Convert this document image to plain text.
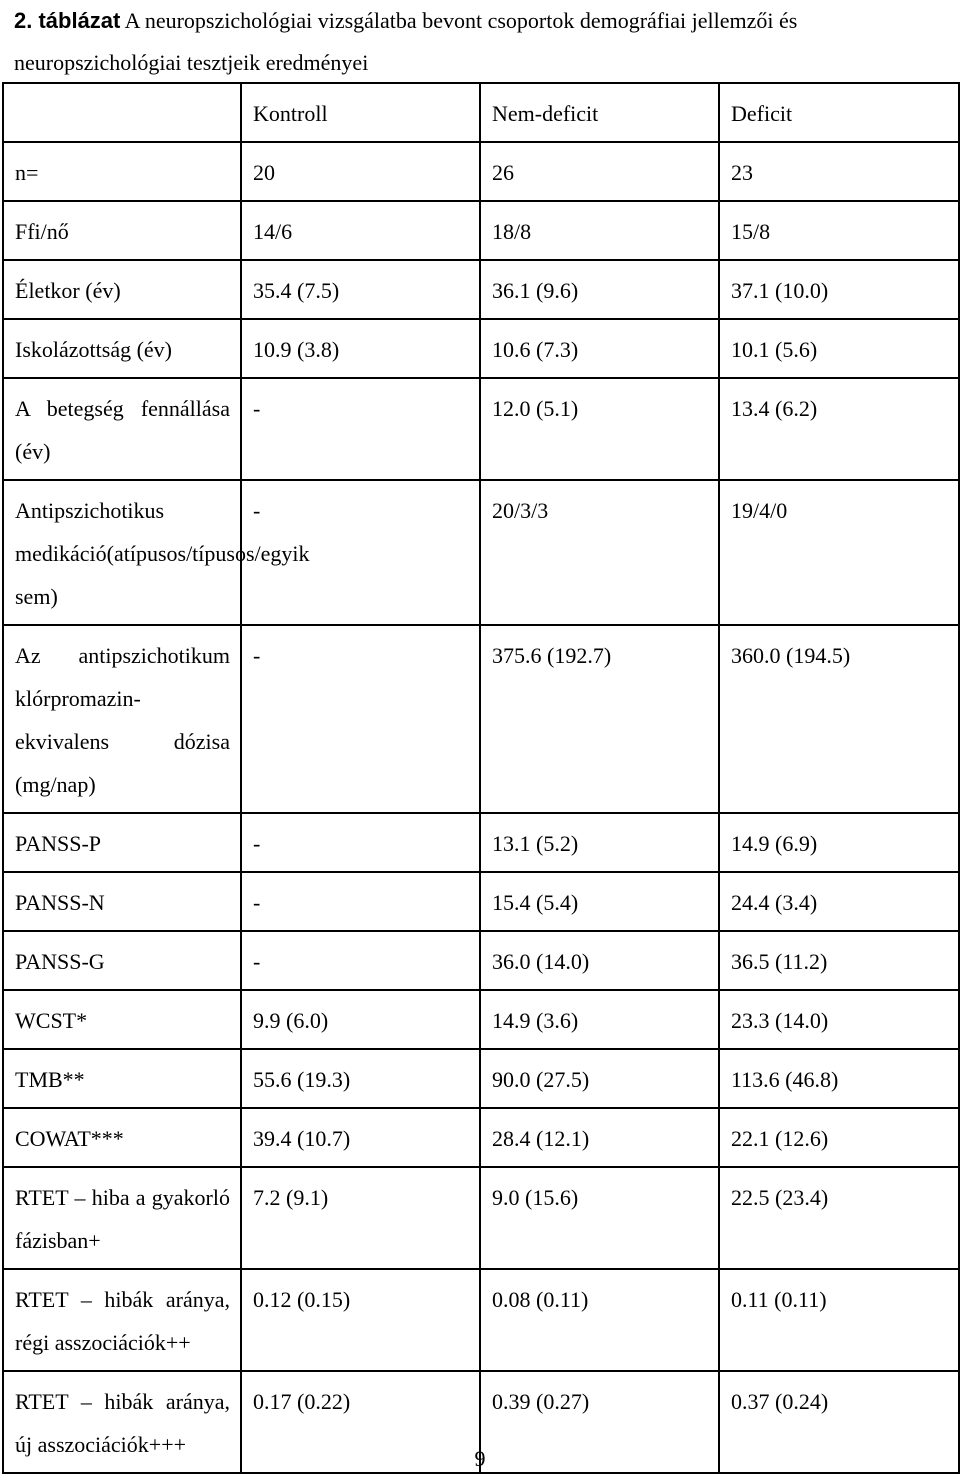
2. táblázat A neuropszichológiai vizsgálatba bevont csoportok demográfiai jellemzői és neuropszichológiai tesztjeik eredményei
	Kontroll	Nem-deficit	Deficit
n=	20	26	23
Ffi/nő	14/6	18/8	15/8
Életkor (év)	35.4 (7.5)	36.1 (9.6)	37.1 (10.0)
Iskolázottság (év)	10.9 (3.8)	10.6 (7.3)	10.1 (5.6)
A betegség fennállása (év)	-	12.0 (5.1)	13.4 (6.2)
Antipszichotikus medikáció(atípusos/típusos/egyik sem)	-	20/3/3	19/4/0
Az antipszichotikum klórpromazin-ekvivalens dózisa (mg/nap)	-	375.6 (192.7)	360.0 (194.5)
PANSS-P	-	13.1 (5.2)	14.9 (6.9)
PANSS-N	-	15.4 (5.4)	24.4 (3.4)
PANSS-G	-	36.0 (14.0)	36.5 (11.2)
WCST*	9.9 (6.0)	14.9 (3.6)	23.3 (14.0)
TMB**	55.6 (19.3)	90.0 (27.5)	113.6 (46.8)
COWAT***	39.4 (10.7)	28.4 (12.1)	22.1 (12.6)
RTET – hiba a gyakorló fázisban+	7.2 (9.1)	9.0 (15.6)	22.5 (23.4)
RTET – hibák aránya, régi asszociációk++	0.12 (0.15)	0.08 (0.11)	0.11 (0.11)
RTET – hibák aránya, új asszociációk+++	0.17 (0.22)	0.39 (0.27)	0.37 (0.24)
9
